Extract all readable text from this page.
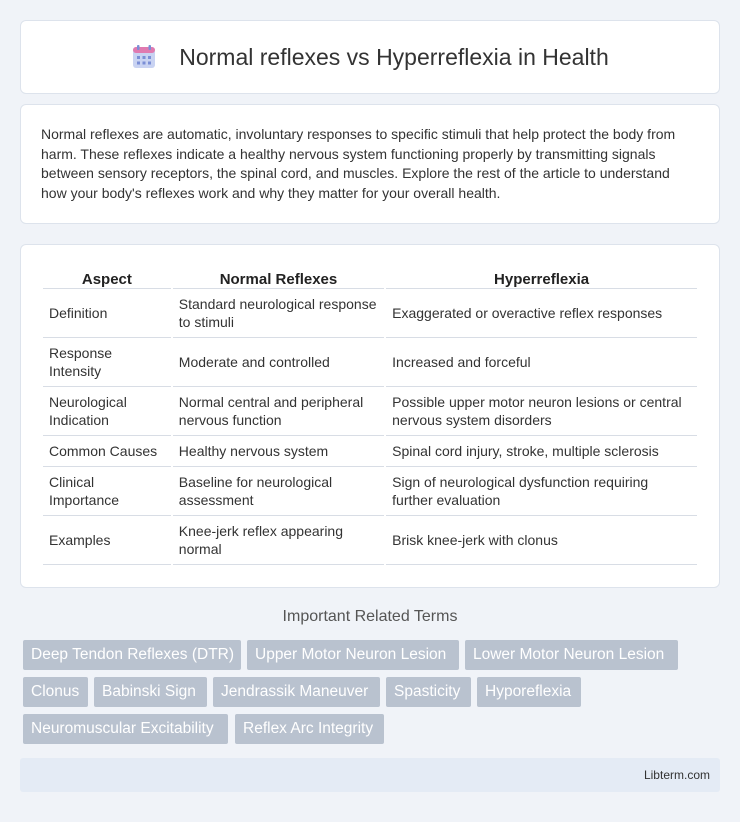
Normal reflexes vs Hyperreflexia in Health

Normal reflexes are automatic, involuntary responses to specific stimuli that help protect the body from harm. These reflexes indicate a healthy nervous system functioning properly by transmitting signals between sensory receptors, the spinal cord, and muscles. Explore the rest of the article to understand how your body's reflexes work and why they matter for your overall health.

Aspect	Normal Reflexes	Hyperreflexia
Definition	Standard neurological response to stimuli	Exaggerated or overactive reflex responses
Response Intensity	Moderate and controlled	Increased and forceful
Neurological Indication	Normal central and peripheral nervous function	Possible upper motor neuron lesions or central nervous system disorders
Common Causes	Healthy nervous system	Spinal cord injury, stroke, multiple sclerosis
Clinical Importance	Baseline for neurological assessment	Sign of neurological dysfunction requiring further evaluation
Examples	Knee-jerk reflex appearing normal	Brisk knee-jerk with clonus
Important Related Terms
Deep Tendon Reflexes (DTR)	Upper Motor Neuron Lesion	Lower Motor Neuron Lesion
Clonus	Babinski Sign	Jendrassik Maneuver	Spasticity	Hyporeflexia
Neuromuscular Excitability	Reflex Arc Integrity
Libterm.com
